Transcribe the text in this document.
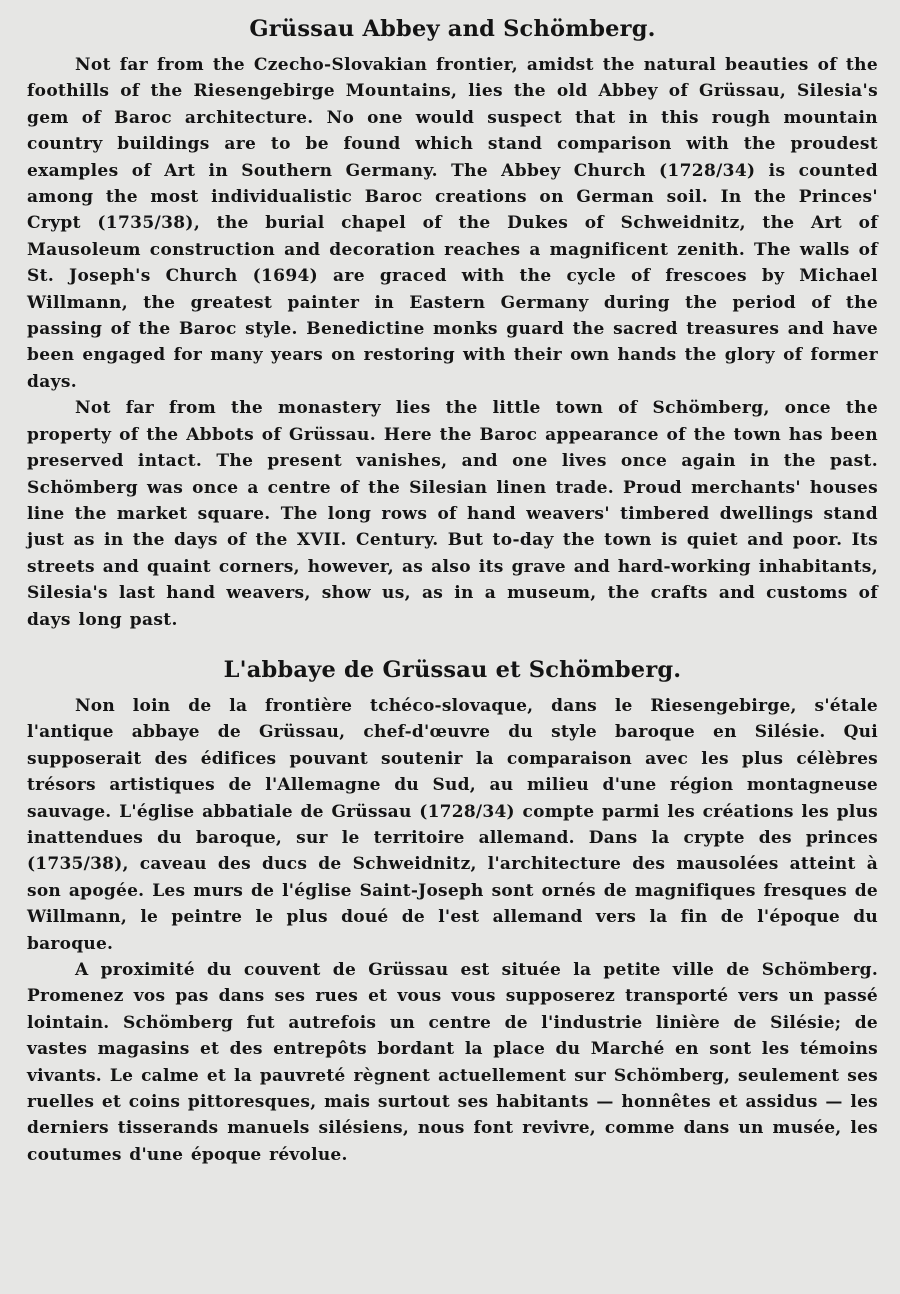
Grüssau Abbey and Schömberg.

Not far from the Czecho-Slovakian frontier, amidst the natural beauties of the foothills of the Riesengebirge Mountains, lies the old Abbey of Grüssau, Silesia's gem of Baroc architecture. No one would suspect that in this rough mountain country buildings are to be found which stand comparison with the proudest examples of Art in Southern Germany. The Abbey Church (1728/34) is counted among the most individualistic Baroc creations on German soil. In the Princes' Crypt (1735/38), the burial chapel of the Dukes of Schweidnitz, the Art of Mausoleum construction and decoration reaches a magnificent zenith. The walls of St. Joseph's Church (1694) are graced with the cycle of frescoes by Michael Willmann, the greatest painter in Eastern Germany during the period of the passing of the Baroc style. Benedictine monks guard the sacred treasures and have been engaged for many years on restoring with their own hands the glory of former days.

Not far from the monastery lies the little town of Schömberg, once the property of the Abbots of Grüssau. Here the Baroc appearance of the town has been preserved intact. The present vanishes, and one lives once again in the past. Schömberg was once a centre of the Silesian linen trade. Proud merchants' houses line the market square. The long rows of hand weavers' timbered dwellings stand just as in the days of the XVII. Century. But to-day the town is quiet and poor. Its streets and quaint corners, however, as also its grave and hard-working inhabitants, Silesia's last hand weavers, show us, as in a museum, the crafts and customs of days long past.

L'abbaye de Grüssau et Schömberg.

Non loin de la frontière tchéco-slovaque, dans le Riesengebirge, s'étale l'antique abbaye de Grüssau, chef-d'œuvre du style baroque en Silésie. Qui supposerait des édifices pouvant soutenir la comparaison avec les plus célèbres trésors artistiques de l'Allemagne du Sud, au milieu d'une région montagneuse sauvage. L'église abbatiale de Grüssau (1728/34) compte parmi les créations les plus inattendues du baroque, sur le territoire allemand. Dans la crypte des princes (1735/38), caveau des ducs de Schweidnitz, l'architecture des mausolées atteint à son apogée. Les murs de l'église Saint-Joseph sont ornés de magnifiques fresques de Willmann, le peintre le plus doué de l'est allemand vers la fin de l'époque du baroque.

A proximité du couvent de Grüssau est située la petite ville de Schömberg. Promenez vos pas dans ses rues et vous vous supposerez transporté vers un passé lointain. Schömberg fut autrefois un centre de l'industrie linière de Silésie; de vastes magasins et des entrepôts bordant la place du Marché en sont les témoins vivants. Le calme et la pauvreté règnent actuellement sur Schömberg, seulement ses ruelles et coins pittoresques, mais surtout ses habitants — honnêtes et assidus — les derniers tisserands manuels silésiens, nous font revivre, comme dans un musée, les coutumes d'une époque révolue.
